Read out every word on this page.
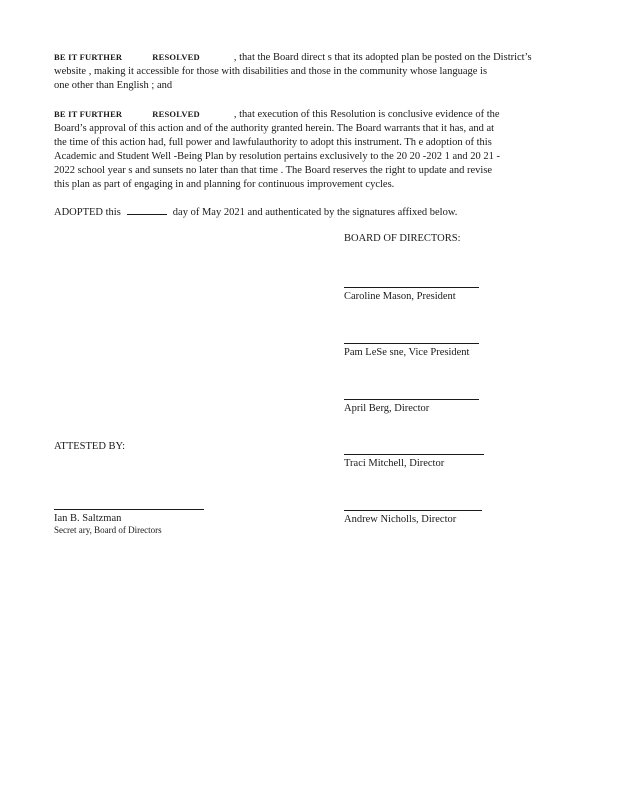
BE IT FURTHER	RESOLVED	, that the Board direct s that its adopted plan be posted on the District’s
website , making it accessible for those with disabilities and those in the community whose language is
one other than English ; and
BE IT FURTHER	RESOLVED	, that execution of this Resolution is conclusive evidence of the
Board’s approval of this action and of the authority granted herein. The Board warrants that it has, and at
the time of this action had, full power and lawfulauthority to adopt this instrument. Th e adoption of this
Academic and Student Well -Being Plan by resolution pertains exclusively to the 20 20 -202 1 and 20 21 -
2022 school year s and sunsets no later than that time . The Board reserves the right to update and revise
this plan as part of engaging in and planning for continuous improvement cycles.
ADOPTED this	day of May 2021 and authenticated by the signatures affixed below.
BOARD OF DIRECTORS:
Caroline Mason, President
Pam LeSe sne, Vice President
April Berg, Director
Traci Mitchell, Director
Andrew Nicholls, Director
ATTESTED BY:
Ian B. Saltzman
Secret ary, Board of Directors
